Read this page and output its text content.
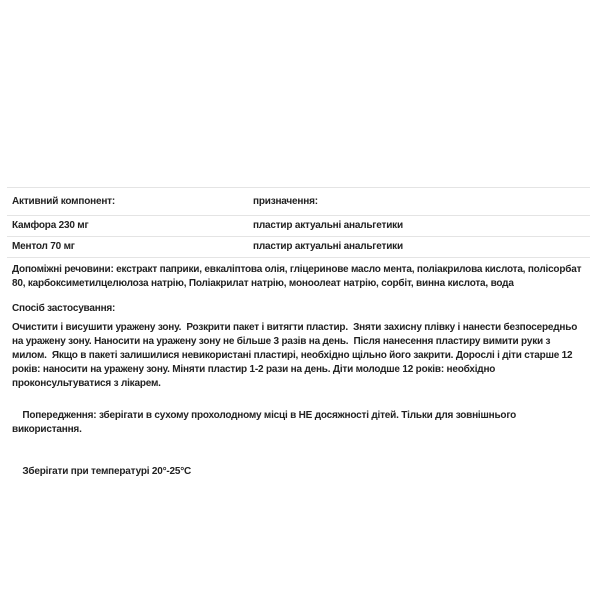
Активний компонент:	призначення:
Камфора 230 мг	пластир актуальні анальгетики
Ментол 70 мг	пластир актуальні анальгетики
Допоміжні речовини: екстракт паприки, евкаліптова олія, гліцеринове масло мента, поліакрилова кислота, полісорбат 80, карбоксиметилцелюлоза натрію, Поліакрилат натрію, моноолеат натрію, сорбіт, винна кислота, вода
Спосіб застосування:
Очистити і висушити уражену зону.  Розкрити пакет і витягти пластир.  Зняти захисну плівку і нанести безпосередньо на уражену зону. Наносити на уражену зону не більше 3 разів на день.  Після нанесення пластиру вимити руки з милом.  Якщо в пакеті залишилися невикористані пластирі, необхідно щільно його закрити. Дорослі і діти старше 12 років: наносити на уражену зону. Міняти пластир 1-2 рази на день. Діти молодше 12 років: необхідно проконсультуватися з лікарем.

Попередження: зберігати в сухому прохолодному місці в НЕ досяжності дітей. Тільки для зовнішнього використання.

Зберігати при температурі 20°-25°C
